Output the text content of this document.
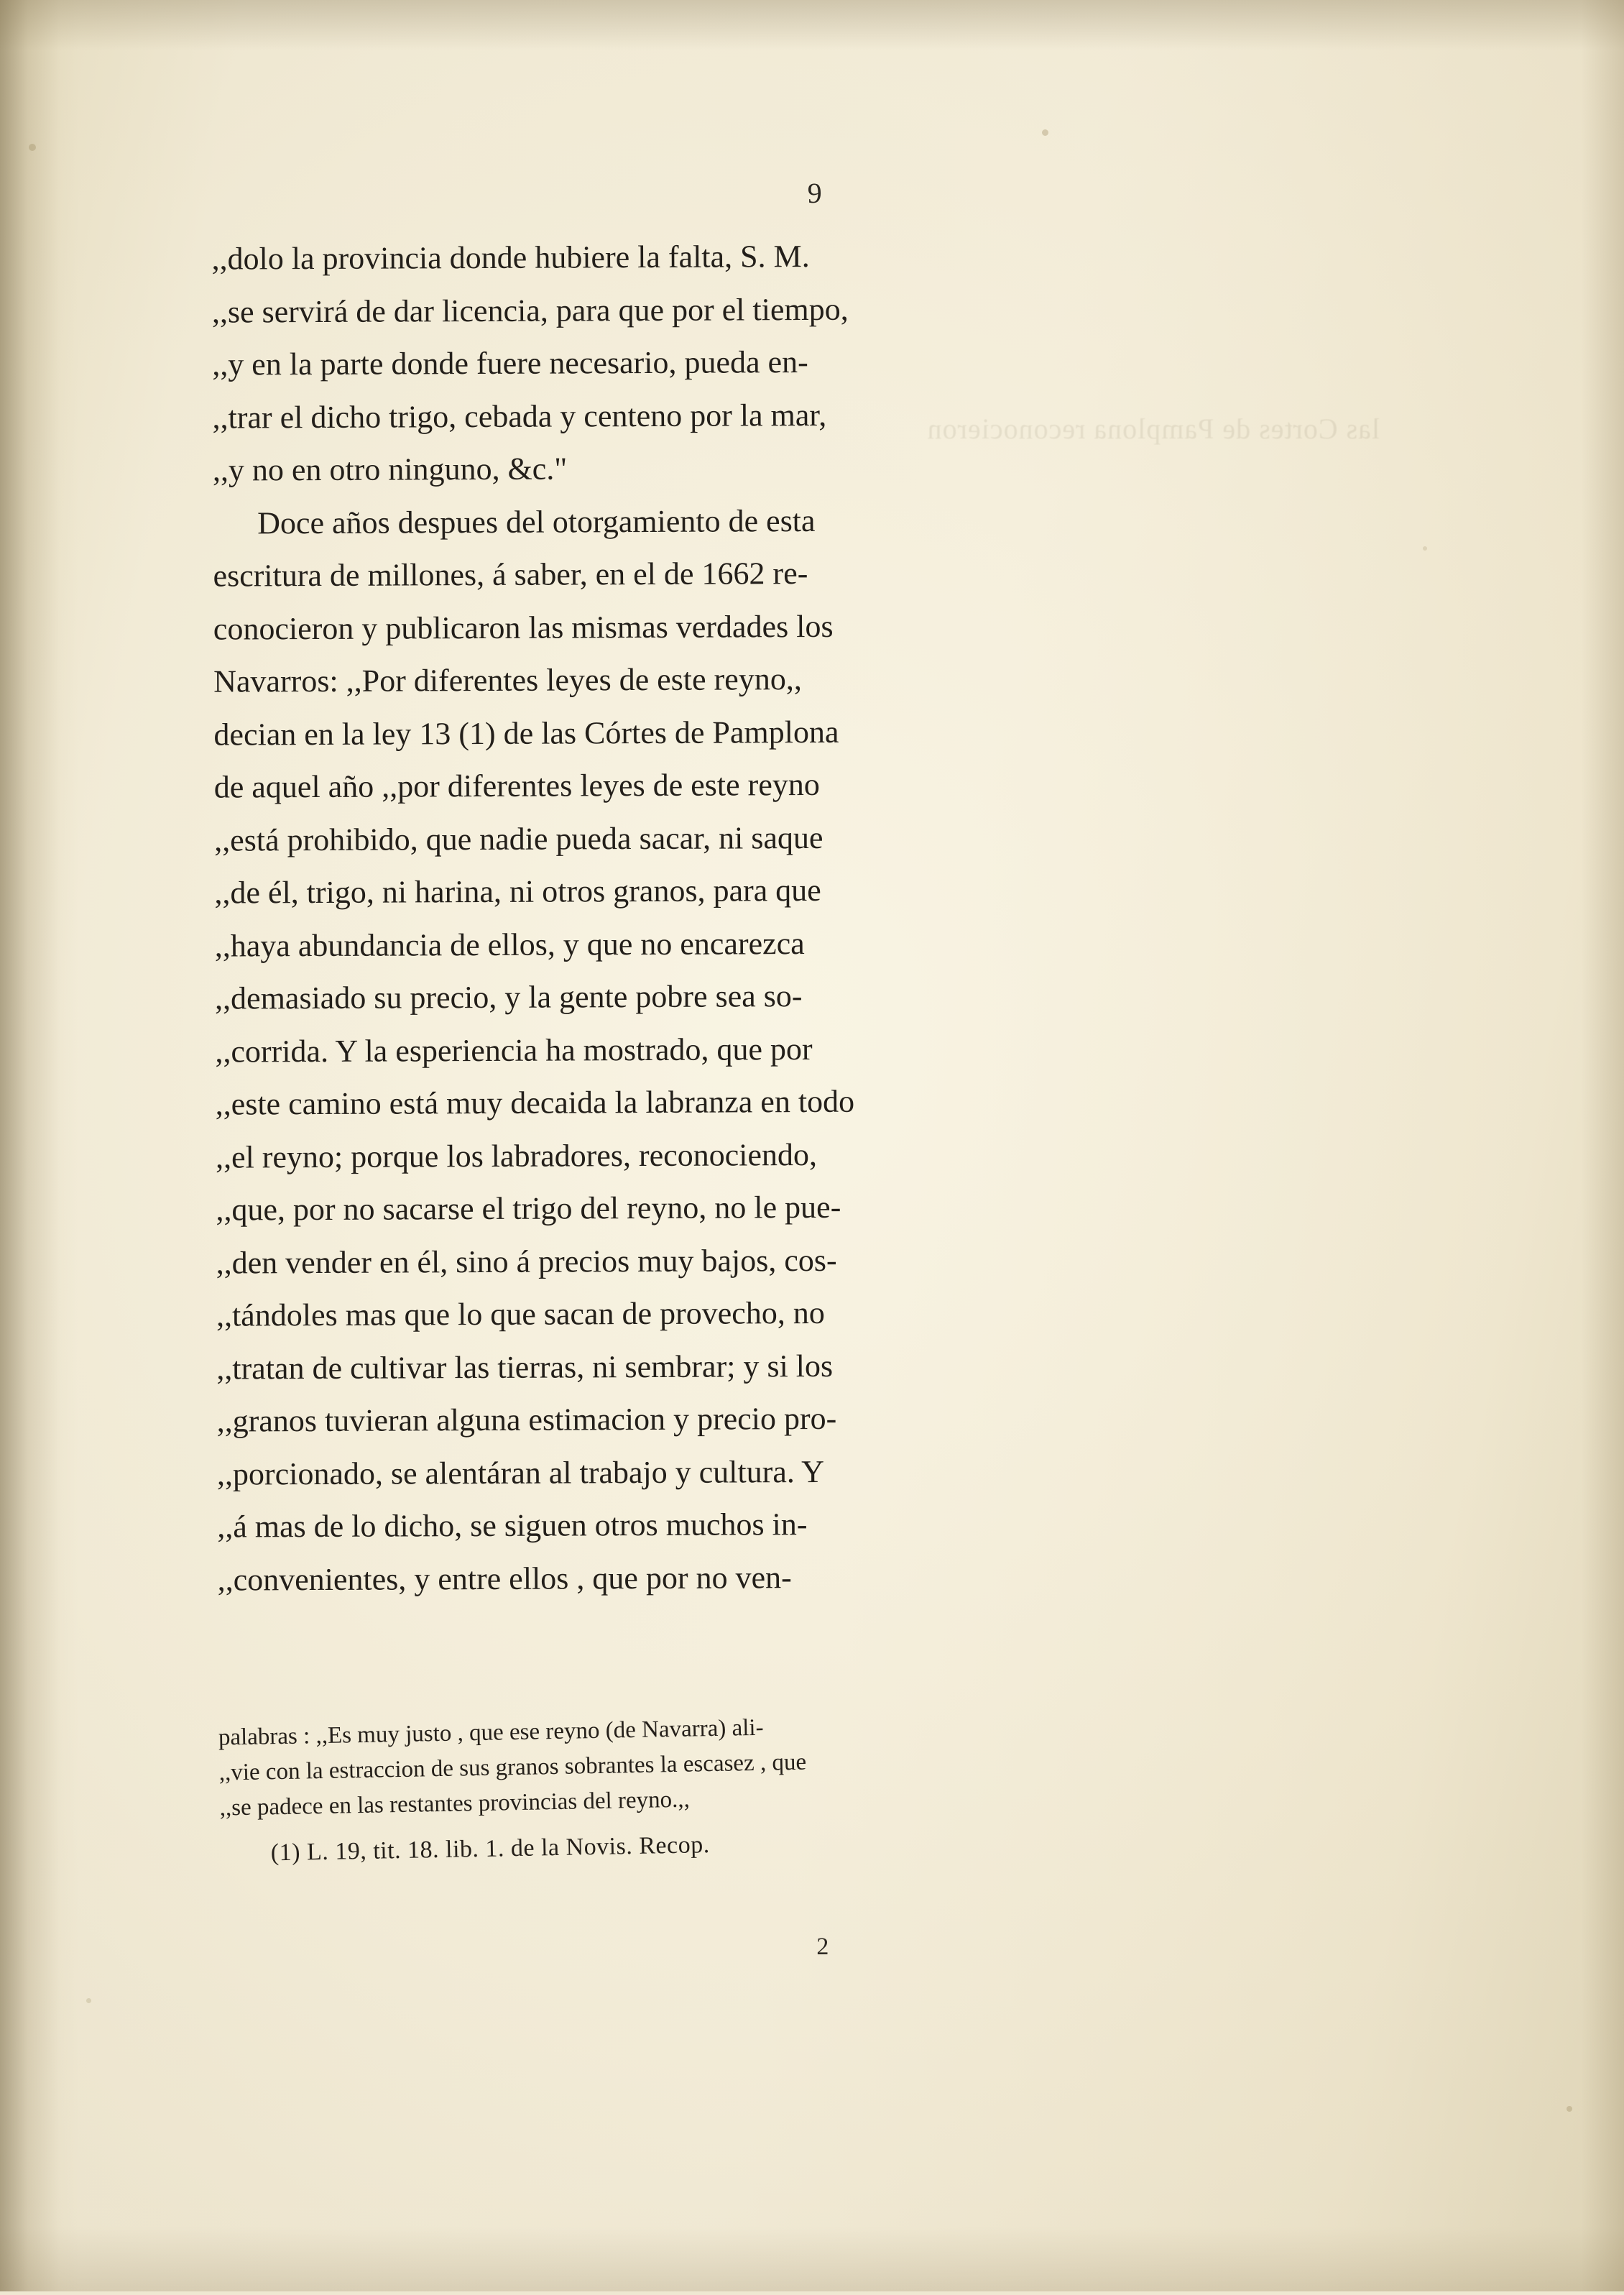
las Cortes de Pamplona reconocieron
9
,,dolo la provincia donde hubiere la falta, S. M.
,,se servirá de dar licencia, para que por el tiempo,
,,y en la parte donde fuere necesario, pueda en-
,,trar el dicho trigo, cebada y centeno por la mar,
,,y no en otro ninguno, &c."
Doce años despues del otorgamiento de esta
escritura de millones, á saber, en el de 1662 re-
conocieron y publicaron las mismas verdades los
Navarros: ,,Por diferentes leyes de este reyno,,
decian en la ley 13 (1) de las Córtes de Pamplona
de aquel año ,,por diferentes leyes de este reyno
,,está prohibido, que nadie pueda sacar, ni saque
,,de él, trigo, ni harina, ni otros granos, para que
,,haya abundancia de ellos, y que no encarezca
,,demasiado su precio, y la gente pobre sea so-
,,corrida. Y la esperiencia ha mostrado, que por
,,este camino está muy decaida la labranza en todo
,,el reyno; porque los labradores, reconociendo,
,,que, por no sacarse el trigo del reyno, no le pue-
,,den vender en él, sino á precios muy bajos, cos-
,,tándoles mas que lo que sacan de provecho, no
,,tratan de cultivar las tierras, ni sembrar; y si los
,,granos tuvieran alguna estimacion y precio pro-
,,porcionado, se alentáran al trabajo y cultura. Y
,,á mas de lo dicho, se siguen otros muchos in-
,,convenientes, y entre ellos , que por no ven-
palabras : ,,Es muy justo , que ese reyno (de Navarra) ali-
,,vie con la estraccion de sus granos sobrantes la escasez , que
,,se padece en las restantes provincias del reyno.,,
(1) L. 19, tit. 18. lib. 1. de la Novis. Recop.
2
